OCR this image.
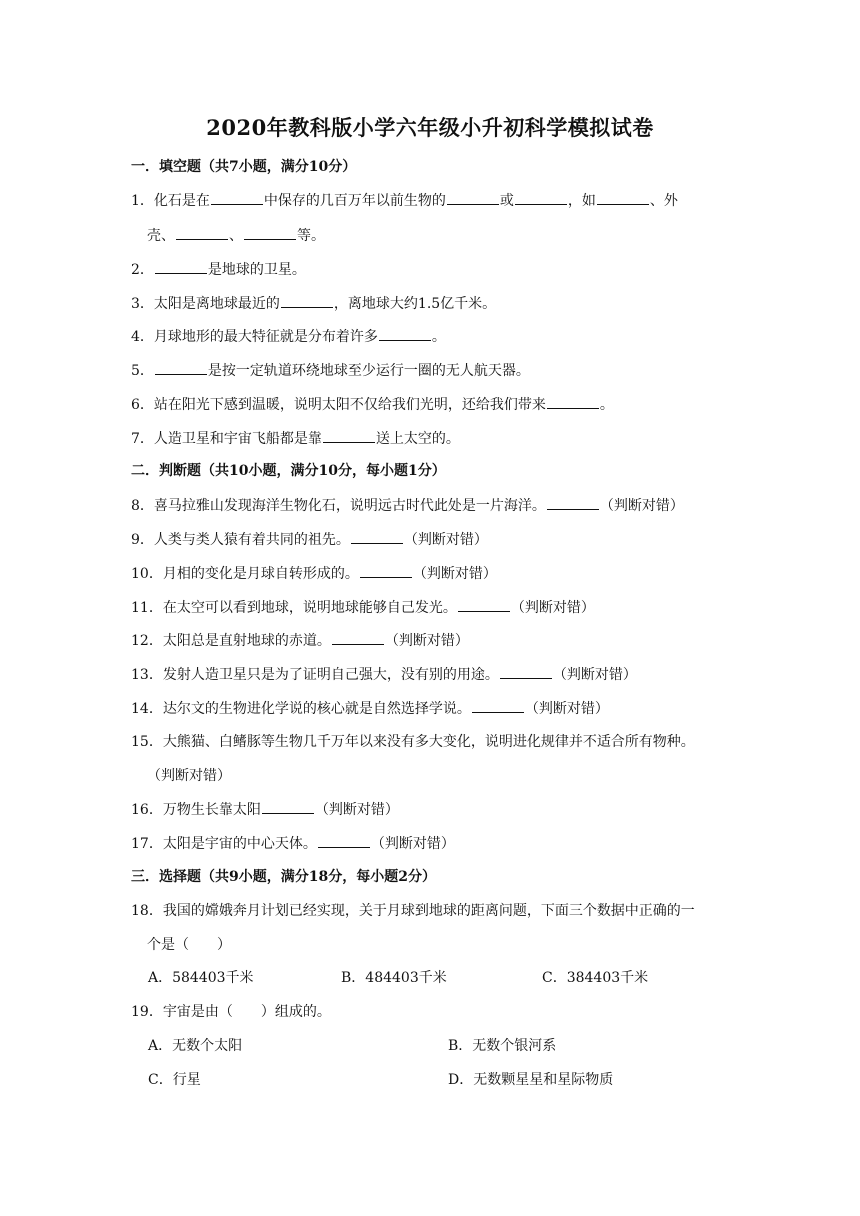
2020年教科版小学六年级小升初科学模拟试卷
一．填空题（共7小题，满分10分）
1．化石是在	中保存的几百万年以前生物的	或	，如	、外
壳、	、	等。
2．	是地球的卫星。
3．太阳是离地球最近的	，离地球大约1.5亿千米。
4．月球地形的最大特征就是分布着许多	。
5．	是按一定轨道环绕地球至少运行一圈的无人航天器。
6．站在阳光下感到温暖，说明太阳不仅给我们光明，还给我们带来	。
7．人造卫星和宇宙飞船都是靠	送上太空的。
二．判断题（共10小题，满分10分，每小题1分）
8．喜马拉雅山发现海洋生物化石，说明远古时代此处是一片海洋。	（判断对错）
9．人类与类人猿有着共同的祖先。	（判断对错）
10．月相的变化是月球自转形成的。	（判断对错）
11．在太空可以看到地球，说明地球能够自己发光。	（判断对错）
12．太阳总是直射地球的赤道。	（判断对错）
13．发射人造卫星只是为了证明自己强大，没有别的用途。	（判断对错）
14．达尔文的生物进化学说的核心就是自然选择学说。	（判断对错）
15．大熊猫、白鳍豚等生物几千万年以来没有多大变化，说明进化规律并不适合所有物种。
（判断对错）
16．万物生长靠太阳	（判断对错）
17．太阳是宇宙的中心天体。	（判断对错）
三．选择题（共9小题，满分18分，每小题2分）
18．我国的嫦娥奔月计划已经实现，关于月球到地球的距离问题，下面三个数据中正确的一
个是（　　）
A．584403千米	B．484403千米	C．384403千米
19．宇宙是由（　　）组成的。
A．无数个太阳	B．无数个银河系
C．行星	D．无数颗星星和星际物质
